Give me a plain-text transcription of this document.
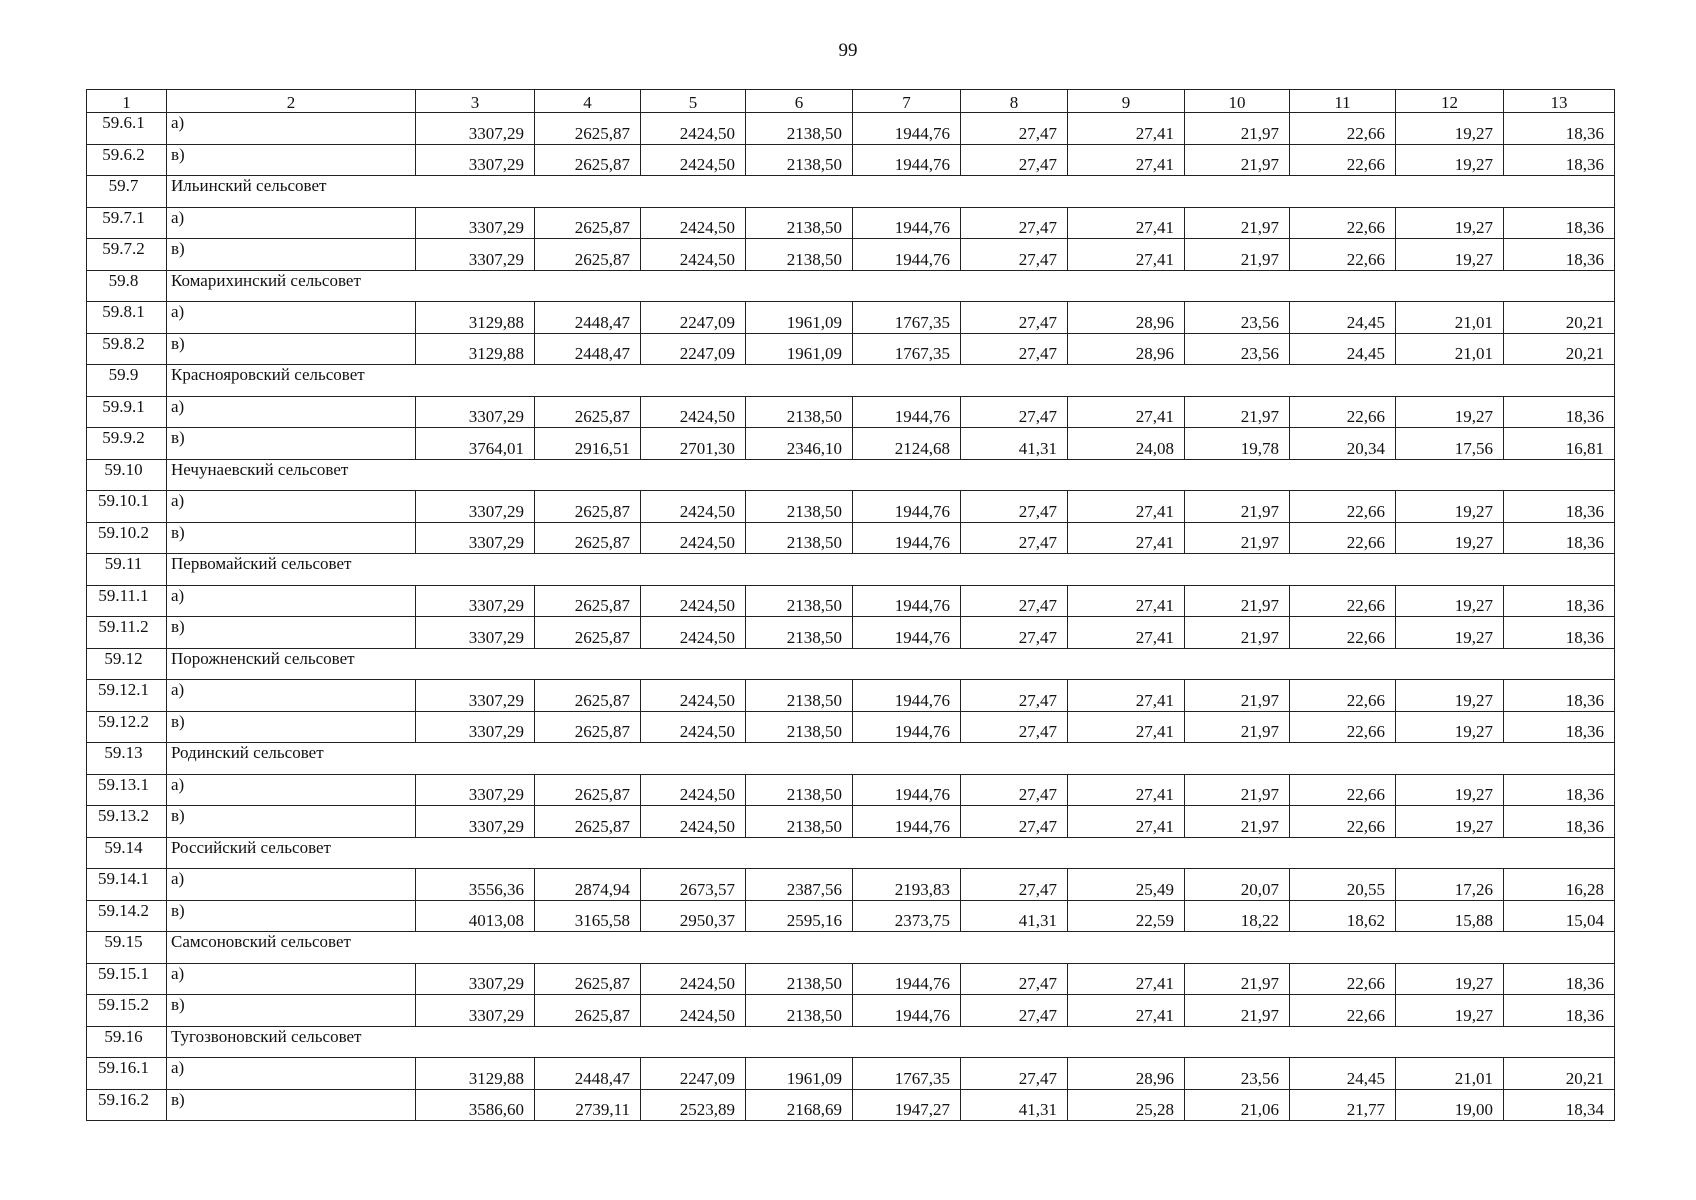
99
1	2	3	4	5	6	7	8	9	10	11	12	13
59.6.1	а)	3307,29	2625,87	2424,50	2138,50	1944,76	27,47	27,41	21,97	22,66	19,27	18,36
59.6.2	в)	3307,29	2625,87	2424,50	2138,50	1944,76	27,47	27,41	21,97	22,66	19,27	18,36
59.7	Ильинский сельсовет											
59.7.1	а)	3307,29	2625,87	2424,50	2138,50	1944,76	27,47	27,41	21,97	22,66	19,27	18,36
59.7.2	в)	3307,29	2625,87	2424,50	2138,50	1944,76	27,47	27,41	21,97	22,66	19,27	18,36
59.8	Комарихинский сельсовет											
59.8.1	а)	3129,88	2448,47	2247,09	1961,09	1767,35	27,47	28,96	23,56	24,45	21,01	20,21
59.8.2	в)	3129,88	2448,47	2247,09	1961,09	1767,35	27,47	28,96	23,56	24,45	21,01	20,21
59.9	Краснояровский сельсовет											
59.9.1	а)	3307,29	2625,87	2424,50	2138,50	1944,76	27,47	27,41	21,97	22,66	19,27	18,36
59.9.2	в)	3764,01	2916,51	2701,30	2346,10	2124,68	41,31	24,08	19,78	20,34	17,56	16,81
59.10	Нечунаевский сельсовет											
59.10.1	а)	3307,29	2625,87	2424,50	2138,50	1944,76	27,47	27,41	21,97	22,66	19,27	18,36
59.10.2	в)	3307,29	2625,87	2424,50	2138,50	1944,76	27,47	27,41	21,97	22,66	19,27	18,36
59.11	Первомайский сельсовет											
59.11.1	а)	3307,29	2625,87	2424,50	2138,50	1944,76	27,47	27,41	21,97	22,66	19,27	18,36
59.11.2	в)	3307,29	2625,87	2424,50	2138,50	1944,76	27,47	27,41	21,97	22,66	19,27	18,36
59.12	Порожненский сельсовет											
59.12.1	а)	3307,29	2625,87	2424,50	2138,50	1944,76	27,47	27,41	21,97	22,66	19,27	18,36
59.12.2	в)	3307,29	2625,87	2424,50	2138,50	1944,76	27,47	27,41	21,97	22,66	19,27	18,36
59.13	Родинский сельсовет											
59.13.1	а)	3307,29	2625,87	2424,50	2138,50	1944,76	27,47	27,41	21,97	22,66	19,27	18,36
59.13.2	в)	3307,29	2625,87	2424,50	2138,50	1944,76	27,47	27,41	21,97	22,66	19,27	18,36
59.14	Российский сельсовет											
59.14.1	а)	3556,36	2874,94	2673,57	2387,56	2193,83	27,47	25,49	20,07	20,55	17,26	16,28
59.14.2	в)	4013,08	3165,58	2950,37	2595,16	2373,75	41,31	22,59	18,22	18,62	15,88	15,04
59.15	Самсоновский сельсовет											
59.15.1	а)	3307,29	2625,87	2424,50	2138,50	1944,76	27,47	27,41	21,97	22,66	19,27	18,36
59.15.2	в)	3307,29	2625,87	2424,50	2138,50	1944,76	27,47	27,41	21,97	22,66	19,27	18,36
59.16	Тугозвоновский сельсовет											
59.16.1	а)	3129,88	2448,47	2247,09	1961,09	1767,35	27,47	28,96	23,56	24,45	21,01	20,21
59.16.2	в)	3586,60	2739,11	2523,89	2168,69	1947,27	41,31	25,28	21,06	21,77	19,00	18,34
